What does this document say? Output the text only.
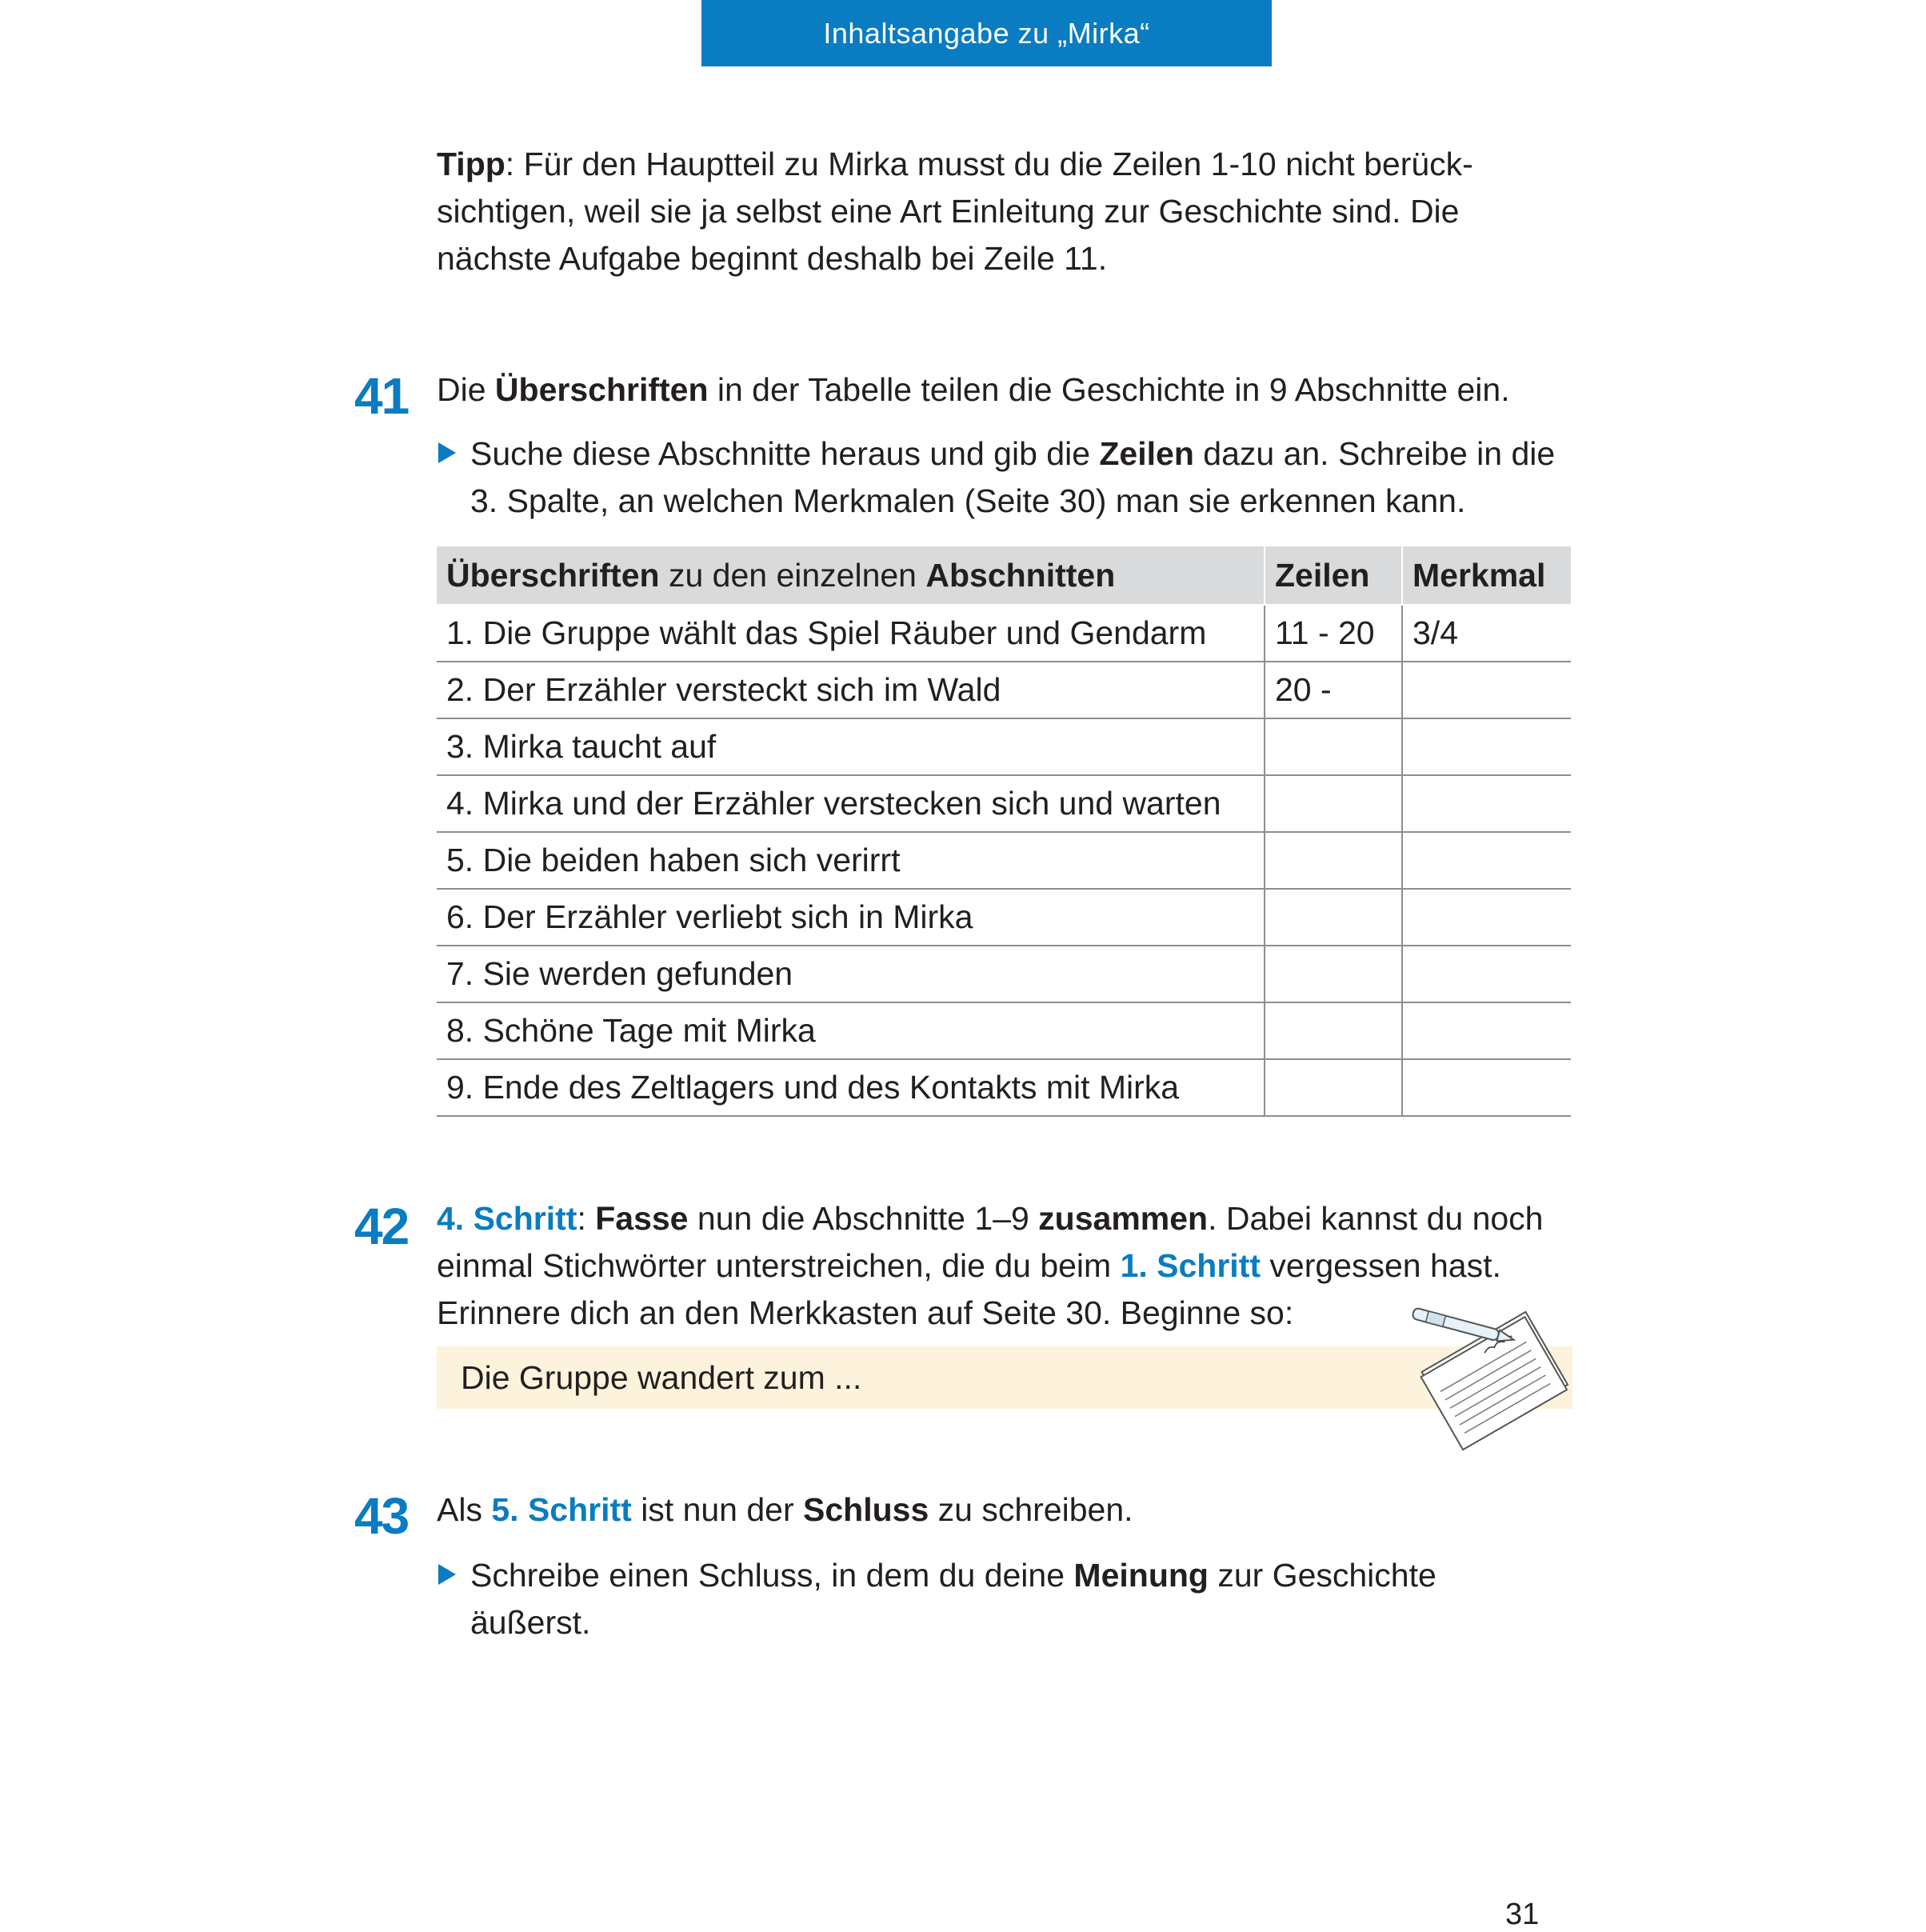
Inhaltsangabe zu „Mirka“

Tipp: Für den Hauptteil zu Mirka musst du die Zeilen 1-10 nicht berück-sichtigen, weil sie ja selbst eine Art Einleitung zur Geschichte sind. Die nächste Aufgabe beginnt deshalb bei Zeile 11.

41 Die Überschriften in der Tabelle teilen die Geschichte in 9 Abschnitte ein.

Suche diese Abschnitte heraus und gib die Zeilen dazu an. Schreibe in die 3. Spalte, an welchen Merkmalen (Seite 30) man sie erkennen kann.

Überschriften zu den einzelnen Abschnitten	Zeilen	Merkmal
1. Die Gruppe wählt das Spiel Räuber und Gendarm	11 - 20	3/4
2. Der Erzähler versteckt sich im Wald	20 -	
3. Mirka taucht auf		
4. Mirka und der Erzähler verstecken sich und warten		
5. Die beiden haben sich verirrt		
6. Der Erzähler verliebt sich in Mirka		
7. Sie werden gefunden		
8. Schöne Tage mit Mirka		
9. Ende des Zeltlagers und des Kontakts mit Mirka		
42 4. Schritt: Fasse nun die Abschnitte 1–9 zusammen. Dabei kannst du noch einmal Stichwörter unterstreichen, die du beim 1. Schritt vergessen hast. Erinnere dich an den Merkkasten auf Seite 30. Beginne so:

Die Gruppe wandert zum ...
43 Als 5. Schritt ist nun der Schluss zu schreiben.

Schreibe einen Schluss, in dem du deine Meinung zur Geschichte äußerst.

31
